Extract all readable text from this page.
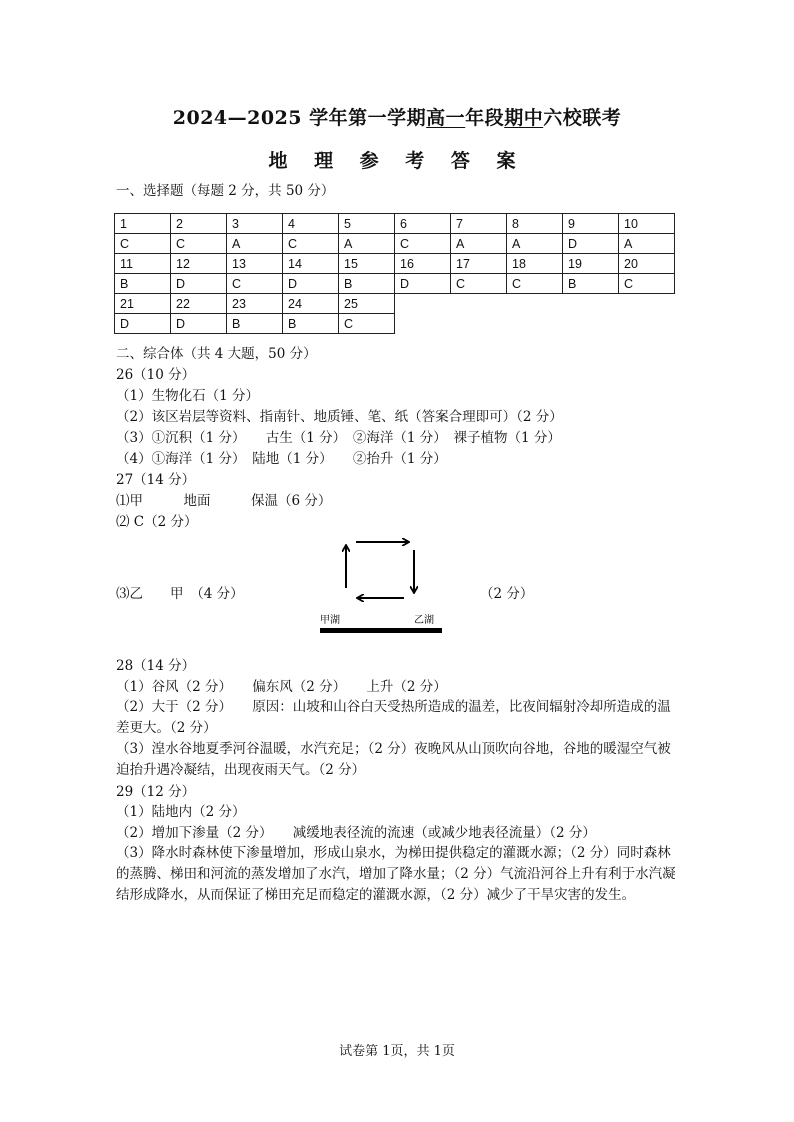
2024—2025 学年第一学期高一年段期中六校联考
地 理 参 考 答 案
一、选择题（每题 2 分，共 50 分）
1	2	3	4	5	6	7	8	9	10
C	C	A	C	A	C	A	A	D	A
11	12	13	14	15	16	17	18	19	20
B	D	C	D	B	D	C	C	B	C
21	22	23	24	25					
D	D	B	B	C					
二、综合体（共 4 大题，50 分）
26（10 分）
（1）生物化石（1 分）
（2）该区岩层等资料、指南针、地质锤、笔、纸（答案合理即可）（2 分）
（3）①沉积（1 分）　　古生（1 分）　②海洋（1 分）　裸子植物（1 分）
（4）①海洋（1 分）　陆地（1 分）　　②抬升（1 分）
27（14 分）
⑴甲　　　地面　　　保温（6 分）
⑵ C（2 分）
⑶乙　　甲　（4 分）	（2 分）
甲湖	乙湖
28（14 分）
（1）谷风（2 分）　　偏东风（2 分）　　上升（2 分）
（2）大于（2 分）　　原因：山坡和山谷白天受热所造成的温差，比夜间辐射冷却所造成的温差更大。（2 分）
（3）湟水谷地夏季河谷温暖，水汽充足；（2 分）夜晚风从山顶吹向谷地，谷地的暖湿空气被迫抬升遇冷凝结，出现夜雨天气。（2 分）
29（12 分）
（1）陆地内（2 分）
（2）增加下渗量（2 分）　　减缓地表径流的流速（或减少地表径流量）（2 分）
（3）降水时森林使下渗量增加，形成山泉水，为梯田提供稳定的灌溉水源；（2 分）同时森林的蒸腾、梯田和河流的蒸发增加了水汽，增加了降水量；（2 分）气流沿河谷上升有利于水汽凝结形成降水，从而保证了梯田充足而稳定的灌溉水源，（2 分）减少了干旱灾害的发生。
试卷第 1页，共 1页
